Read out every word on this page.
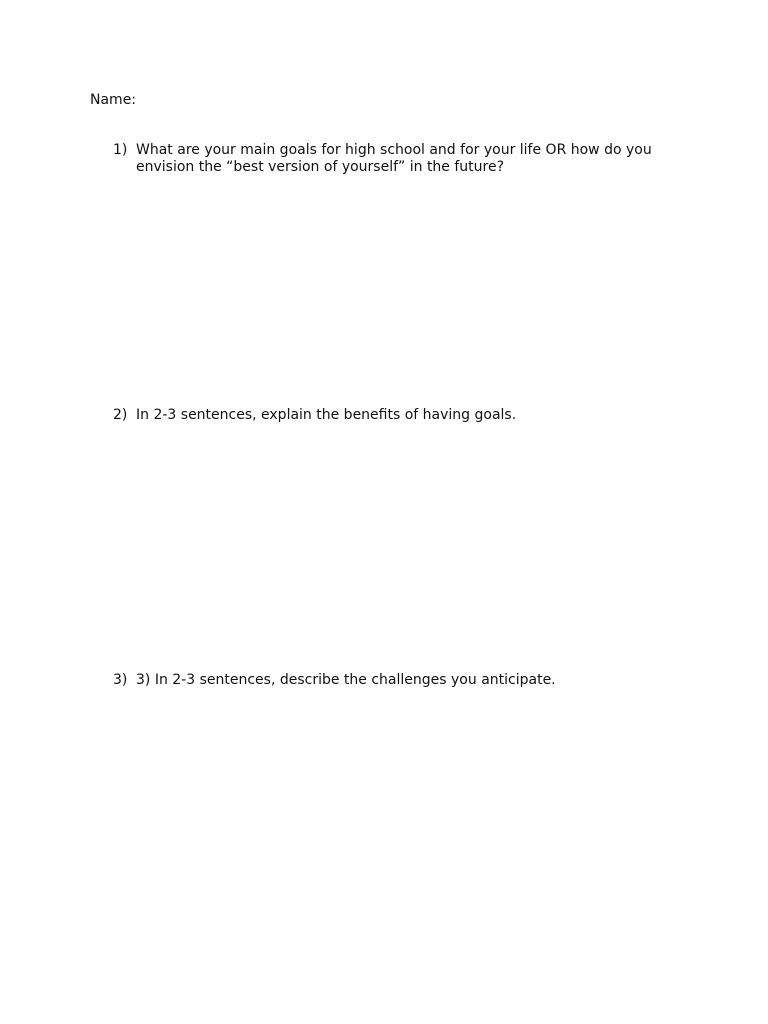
Name:
1) What are your main goals for high school and for your life OR how do you envision the “best version of yourself” in the future?
2) In 2-3 sentences, explain the benefits of having goals.
3) 3) In 2-3 sentences, describe the challenges you anticipate.
